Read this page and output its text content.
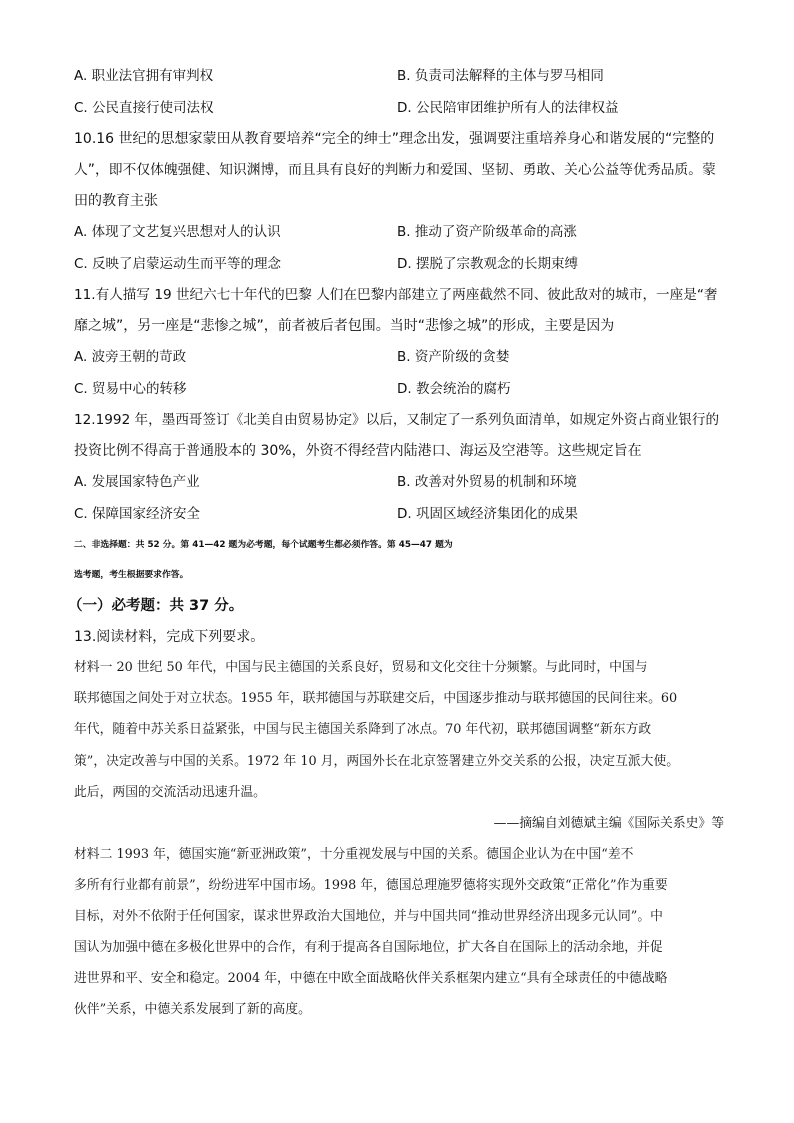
A. 职业法官拥有审判权	B. 负责司法解释的主体与罗马相同
C. 公民直接行使司法权	D. 公民陪审团维护所有人的法律权益
10.16 世纪的思想家蒙田从教育要培养“完全的绅士”理念出发，强调要注重培养身心和谐发展的“完整的
人”，即不仅体魄强健、知识渊博，而且具有良好的判断力和爱国、坚韧、勇敢、关心公益等优秀品质。蒙
田的教育主张
A. 体现了文艺复兴思想对人的认识	B. 推动了资产阶级革命的高涨
C. 反映了启蒙运动生而平等的理念	D. 摆脱了宗教观念的长期束缚
11.有人描写 19 世纪六七十年代的巴黎 人们在巴黎内部建立了两座截然不同、彼此敌对的城市，一座是“奢
靡之城”，另一座是“悲惨之城”，前者被后者包围。当时“悲惨之城”的形成，主要是因为
A. 波旁王朝的苛政	B. 资产阶级的贪婪
C. 贸易中心的转移	D. 教会统治的腐朽
12.1992 年，墨西哥签订《北美自由贸易协定》以后，又制定了一系列负面清单，如规定外资占商业银行的
投资比例不得高于普通股本的 30%，外资不得经营内陆港口、海运及空港等。这些规定旨在
A. 发展国家特色产业	B. 改善对外贸易的机制和环境
C. 保障国家经济安全	D. 巩固区域经济集团化的成果
二、非选择题：共 52 分。第 41—42 题为必考题，每个试题考生都必须作答。第 45—47 题为
选考题，考生根据要求作答。
（一）必考题：共 37 分。
13.阅读材料，完成下列要求。
材料一 20 世纪 50 年代，中国与民主德国的关系良好，贸易和文化交往十分频繁。与此同时，中国与
联邦德国之间处于对立状态。1955 年，联邦德国与苏联建交后，中国逐步推动与联邦德国的民间往来。60
年代，随着中苏关系日益紧张，中国与民主德国关系降到了冰点。70 年代初，联邦德国调整“新东方政
策”，决定改善与中国的关系。1972 年 10 月，两国外长在北京签署建立外交关系的公报，决定互派大使。
此后，两国的交流活动迅速升温。
——摘编自刘德斌主编《国际关系史》等
材料二 1993 年，德国实施“新亚洲政策”，十分重视发展与中国的关系。德国企业认为在中国“差不
多所有行业都有前景”，纷纷进军中国市场。1998 年，德国总理施罗德将实现外交政策“正常化”作为重要
目标，对外不依附于任何国家，谋求世界政治大国地位，并与中国共同“推动世界经济出现多元认同”。中
国认为加强中德在多极化世界中的合作，有利于提高各自国际地位，扩大各自在国际上的活动余地，并促
进世界和平、安全和稳定。2004 年，中德在中欧全面战略伙伴关系框架内建立“具有全球责任的中德战略
伙伴”关系，中德关系发展到了新的高度。
